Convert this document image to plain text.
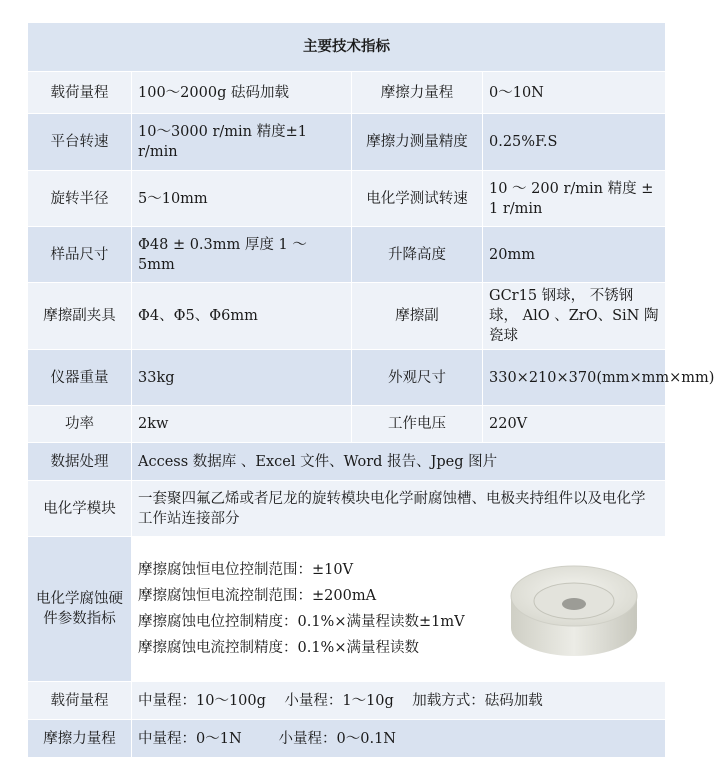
主要技术指标			
载荷量程	100～2000g 砝码加载	摩擦力量程	0～10N
平台转速	10～3000 r/min 精度±1 r/min	摩擦力测量精度	0.25%F.S
旋转半径	5～10mm	电化学测试转速	10 ～ 200 r/min 精度 ± 1 r/min
样品尺寸	Φ48 ± 0.3mm 厚度 1 ～ 5mm	升降高度	20mm
摩擦副夹具	Φ4、Φ5、Φ6mm	摩擦副	GCr15 钢球， 不锈钢球， AlO 、ZrO、SiN 陶瓷球
仪器重量	33kg	外观尺寸	330×210×370(mm×mm×mm)
功率	2kw	工作电压	220V
数据处理	Access 数据库 、Excel 文件、Word 报告、Jpeg 图片		
电化学模块	一套聚四氟乙烯或者尼龙的旋转模块电化学耐腐蚀槽、电极夹持组件以及电化学工作站连接部分		
电化学腐蚀硬件参数指标	摩擦腐蚀恒电位控制范围：±10V
摩擦腐蚀恒电流控制范围：±200mA
摩擦腐蚀电位控制精度：0.1%×满量程读数±1mV
摩擦腐蚀电流控制精度：0.1%×满量程读数

载荷量程	中量程：10～100g    小量程：1～10g    加载方式：砝码加载		
摩擦力量程	中量程：0～1N        小量程：0～0.1N		
